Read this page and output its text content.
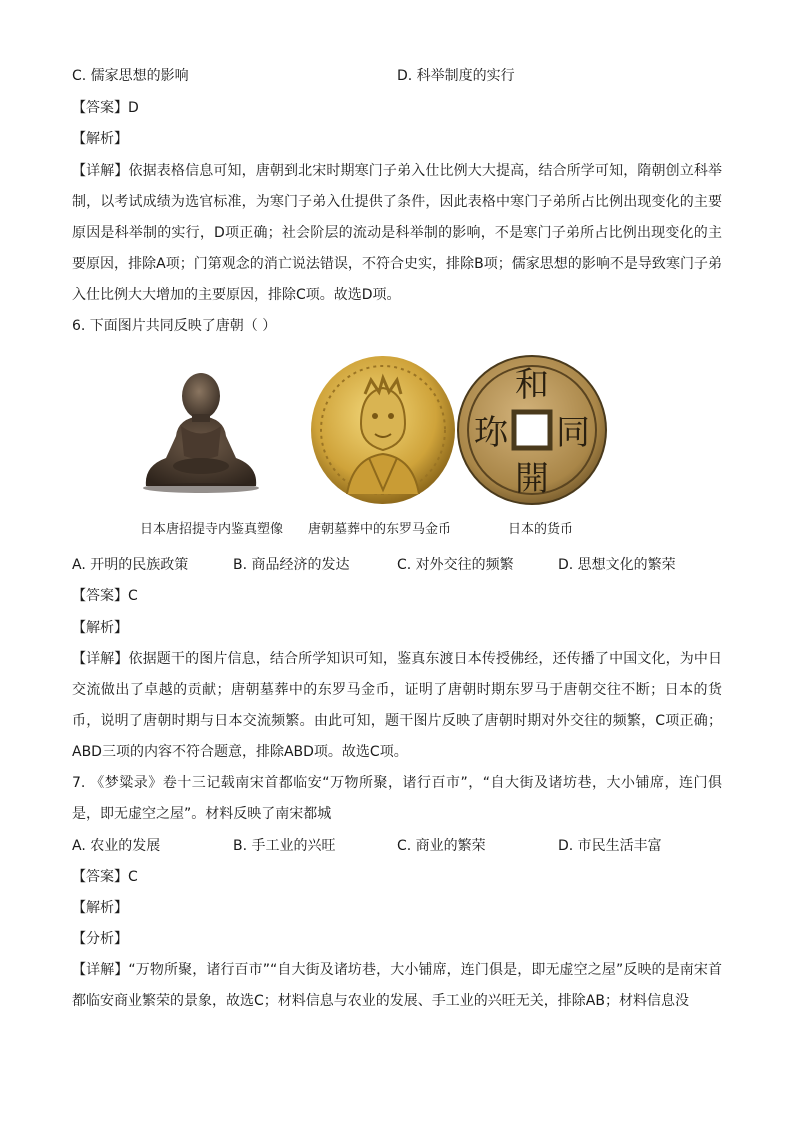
C. 儒家思想的影响	D. 科举制度的实行
【答案】D
【解析】
【详解】依据表格信息可知，唐朝到北宋时期寒门子弟入仕比例大大提高，结合所学可知，隋朝创立科举制，以考试成绩为选官标准，为寒门子弟入仕提供了条件，因此表格中寒门子弟所占比例出现变化的主要原因是科举制的实行，D项正确；社会阶层的流动是科举制的影响，不是寒门子弟所占比例出现变化的主要原因，排除A项；门第观念的消亡说法错误，不符合史实，排除B项；儒家思想的影响不是导致寒门子弟入仕比例大大增加的主要原因，排除C项。故选D项。
6. 下面图片共同反映了唐朝（ ）
和
同
開
珎
日本唐招提寺内鉴真塑像 唐朝墓葬中的东罗马金币	日本的货币
A. 开明的民族政策	B. 商品经济的发达	C. 对外交往的频繁	D. 思想文化的繁荣
【答案】C
【解析】
【详解】依据题干的图片信息，结合所学知识可知，鉴真东渡日本传授佛经，还传播了中国文化，为中日交流做出了卓越的贡献；唐朝墓葬中的东罗马金币，证明了唐朝时期东罗马于唐朝交往不断；日本的货币，说明了唐朝时期与日本交流频繁。由此可知，题干图片反映了唐朝时期对外交往的频繁，C项正确；ABD三项的内容不符合题意，排除ABD项。故选C项。
7. 《梦粱录》卷十三记载南宋首都临安“万物所聚，诸行百市”，“自大街及诸坊巷，大小铺席，连门俱是，即无虚空之屋”。材料反映了南宋都城
A. 农业的发展	B. 手工业的兴旺	C. 商业的繁荣	D. 市民生活丰富
【答案】C
【解析】
【分析】
【详解】“万物所聚，诸行百市”“自大街及诸坊巷，大小铺席，连门俱是，即无虚空之屋”反映的是南宋首都临安商业繁荣的景象，故选C；材料信息与农业的发展、手工业的兴旺无关，排除AB；材料信息没
